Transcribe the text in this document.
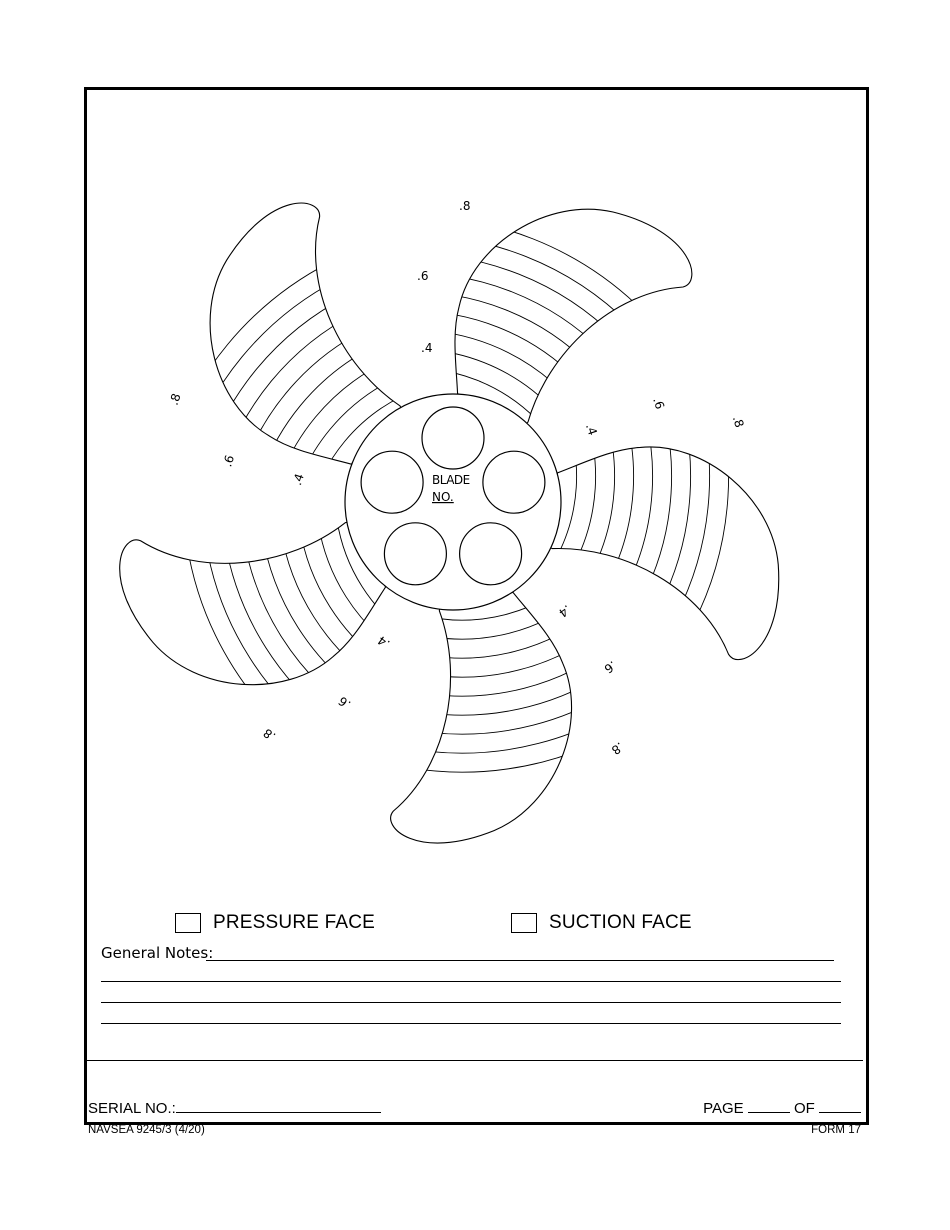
.4
.6
.8
.4
.6
.8
.4
.6
.8
.4
.6
.8
.4
.6
.8
BLADE
NO.
PRESSURE FACE	SUCTION FACE
General Notes:
SERIAL NO.:	PAGE	OF
NAVSEA 9245/3 (4/20)	FORM 17
